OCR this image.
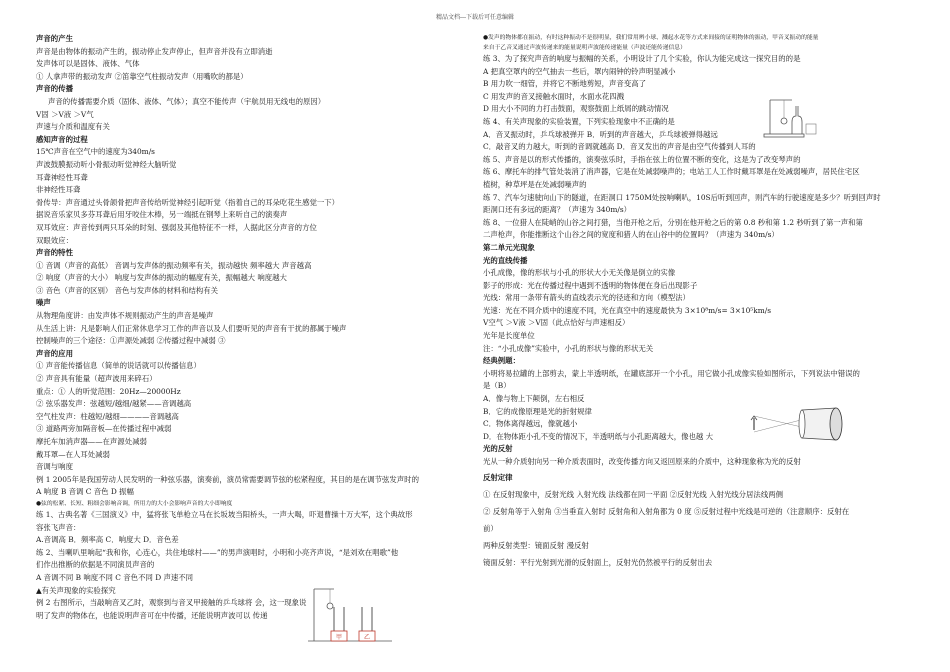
精品文档---下载后可任意编辑

声音的产生

声音是由物体的振动产生的，振动停止发声停止，但声音并没有立即消逝

发声体可以是固体、液体、气体

① 人拿声带的振动发声 ②笛靠空气柱振动发声（用嘴吹的都是）

声音的传播

声音的传播需要介质（固体、液体、气体）；真空不能传声（宇航员用无线电的原因）

V固 ＞V液 ＞V气

声速与介质和温度有关

感知声音的过程

15℃声音在空气中的速度为340m/s

声波鼓膜振动听小骨振动听觉神经大脑听觉

耳聋神经性耳聋

非神经性耳聋

骨传导：声音通过头骨颌骨把声音传给听觉神经引起听觉（指着自己的耳朵吃花生感觉一下）

据说音乐家贝多芬耳聋后用牙咬住木棒，另一端抵在钢琴上来听自己的演奏声

双耳效应：声音传到两只耳朵的时刻、强弱及其他特征不一样，人据此区分声音的方位

双眼效应：

声音的特性

① 音调（声音的高低） 音调与发声体的振动频率有关，振动越快 频率越大 声音越高

② 响度（声音的大小） 响度与发声体的振动的幅度有关，振幅越大 响度越大

③ 音色（声音的区别） 音色与发声体的材料和结构有关

噪声

从物理角度讲：由发声体不规则振动产生的声音是噪声

从生活上讲：凡是影响人们正常休息学习工作的声音以及人们要听见的声音有干扰的都属于噪声

控制噪声的三个途径：①声源处减弱 ②传播过程中减弱 ③

声音的应用

① 声音能传播信息（简单的说话就可以传播信息）

② 声音具有能量（超声波用来碎石）

重点：① 人的听觉范围：20Hz—20000Hz

② 弦乐器发声：弦越短/越细/越紧——音调越高

空气柱发声：柱越短/越细————音调越高

③ 道路两旁加隔音板—在传播过程中减弱

摩托车加消声器——在声源处减弱

戴耳罩—在人耳处减弱

音调与响度

例 1 2005年是我国劳动人民发明的一种弦乐器，演奏前，演员常需要调节弦的松紧程度，其目的是在调节弦发声时的

A 响度 B 音调 C 音色 D 振幅

●弦的松紧、长短、粗细会影响音调，所用力的大小会影响声音的大小即响度

练 1、古典名著《三国演义》中，猛将张飞单枪立马在长坂坡当阳桥头，一声大喝，吓退曹操十万大军，这个典故形

容张飞声音：

A.音调高 B．频率高 C．响度大 D．音色差

练 2、当喇叭里响起“我和你，心连心，共住地球村——”的男声演唱时，小明和小亮齐声说，“是刘欢在唱歌”他

们作出推断的依据是不同演员声音的

A 音调不同 B 响度不同 C 音色不同 D 声速不同

▲有关声现象的实验探究

例 2 右图所示，当敲响音叉乙时，观察到与音叉甲接触的乒乓球将 会，这一现象说

明了发声的物体在，也能说明声音可在中传播，还能说明声波可以 传递

●发声的物体都在振动，有时这种振动不是很明显，我们常用辨小球、溅起水花等方式来间接的证明物体的振动，甲音叉振动的能量

来自于乙音叉通过声波传递来的能量说明声波能传递能量（声波还能传递信息）

练 3、为了探究声音的响度与振幅的关系，小明设计了几个实验，你认为能完成这一探究目的的是

A 把真空罩内的空气抽去一些后，罩内闹钟的铃声明显减小

B 用力吹一细管，并将它不断地剪短，声音变高了

C 用发声的音叉接触水面时，水面水花四溅

D 用大小不同的力打击鼓面，观察鼓面上纸屑的跳动情况

练 4、有关声现象的实验装置，下列实验现象中不正确的是

A．音叉振动时，乒乓球被弹开 B．听到的声音越大，乒乓球被弹得越远

C．敲音叉的力越大，听到的音调就越高 D．音叉发出的声音是由空气传播到人耳的

练 5、声音是以的形式传播的，演奏弦乐时，手指在弦上的位置不断的变化，这是为了改变琴声的

练 6、摩托车的排气管处装消了消声器，它是在处减弱噪声的；电站工人工作时戴耳罩是在处减弱噪声，居民住宅区

植树，种草坪是在处减弱噪声的

练 7、汽车匀速驶向山下的隧道，在距洞口 1750M处按响喇叭，10S后听到回声，则汽车的行驶速度是多少？听到回声时

距洞口还有多远的距离？（声速为 340m/s）

练 8、一位猎人在陡峭的山谷之间打猎，当他开枪之后，分别在他开枪之后的第 0.8 秒和第 1.2 秒听到了第一声和第

二声枪声，你能推断这个山谷之间的宽度和猎人的在山谷中的位置吗？（声速为 340m/s）

第二单元光现象

光的直线传播

小孔成像，像的形状与小孔的形状大小无关像是倒立的实像

影子的形成：光在传播过程中遇到不透明的物体便在身后出现影子

光线：常用一条带有箭头的直线表示光的径迹和方向（模型法）

光速：光在不同介质中的速度不同，光在真空中的速度最快为 3×10⁸m/s= 3×10⁵km/s

V空气 ＞V液 ＞V固（此点恰好与声速相反）

光年是长度单位

注：“小孔成像”实验中，小孔的形状与像的形状无关

经典例题：

小明将易拉罐的上部剪去，蒙上半透明纸，在罐底部开一个小孔，用它做小孔成像实验如图所示，下列说法中错误的

是（B）

A．像与物上下颠倒，左右相反

B．它的成像原理是光的折射规律

C．物体离得越远，像就越小

D．在物体距小孔不变的情况下，半透明纸与小孔距离越大，像也越 大

光的反射

光从一种介质射向另一种介质表面时，改变传播方向又返回原来的介质中，这种现象称为光的反射

反射定律

① 在反射现象中，反射光线 入射光线 法线都在同一平面 ②反射光线 入射光线分居法线两侧

② 反射角等于入射角 ③当垂直入射时 反射角和入射角都为 0 度 ⑤反射过程中光线是可逆的（注意顺序：反射在

前）

两种反射类型：镜面反射 漫反射

镜面反射：平行光射到光滑的反射面上，反射光仍然被平行的反射出去

甲	乙
